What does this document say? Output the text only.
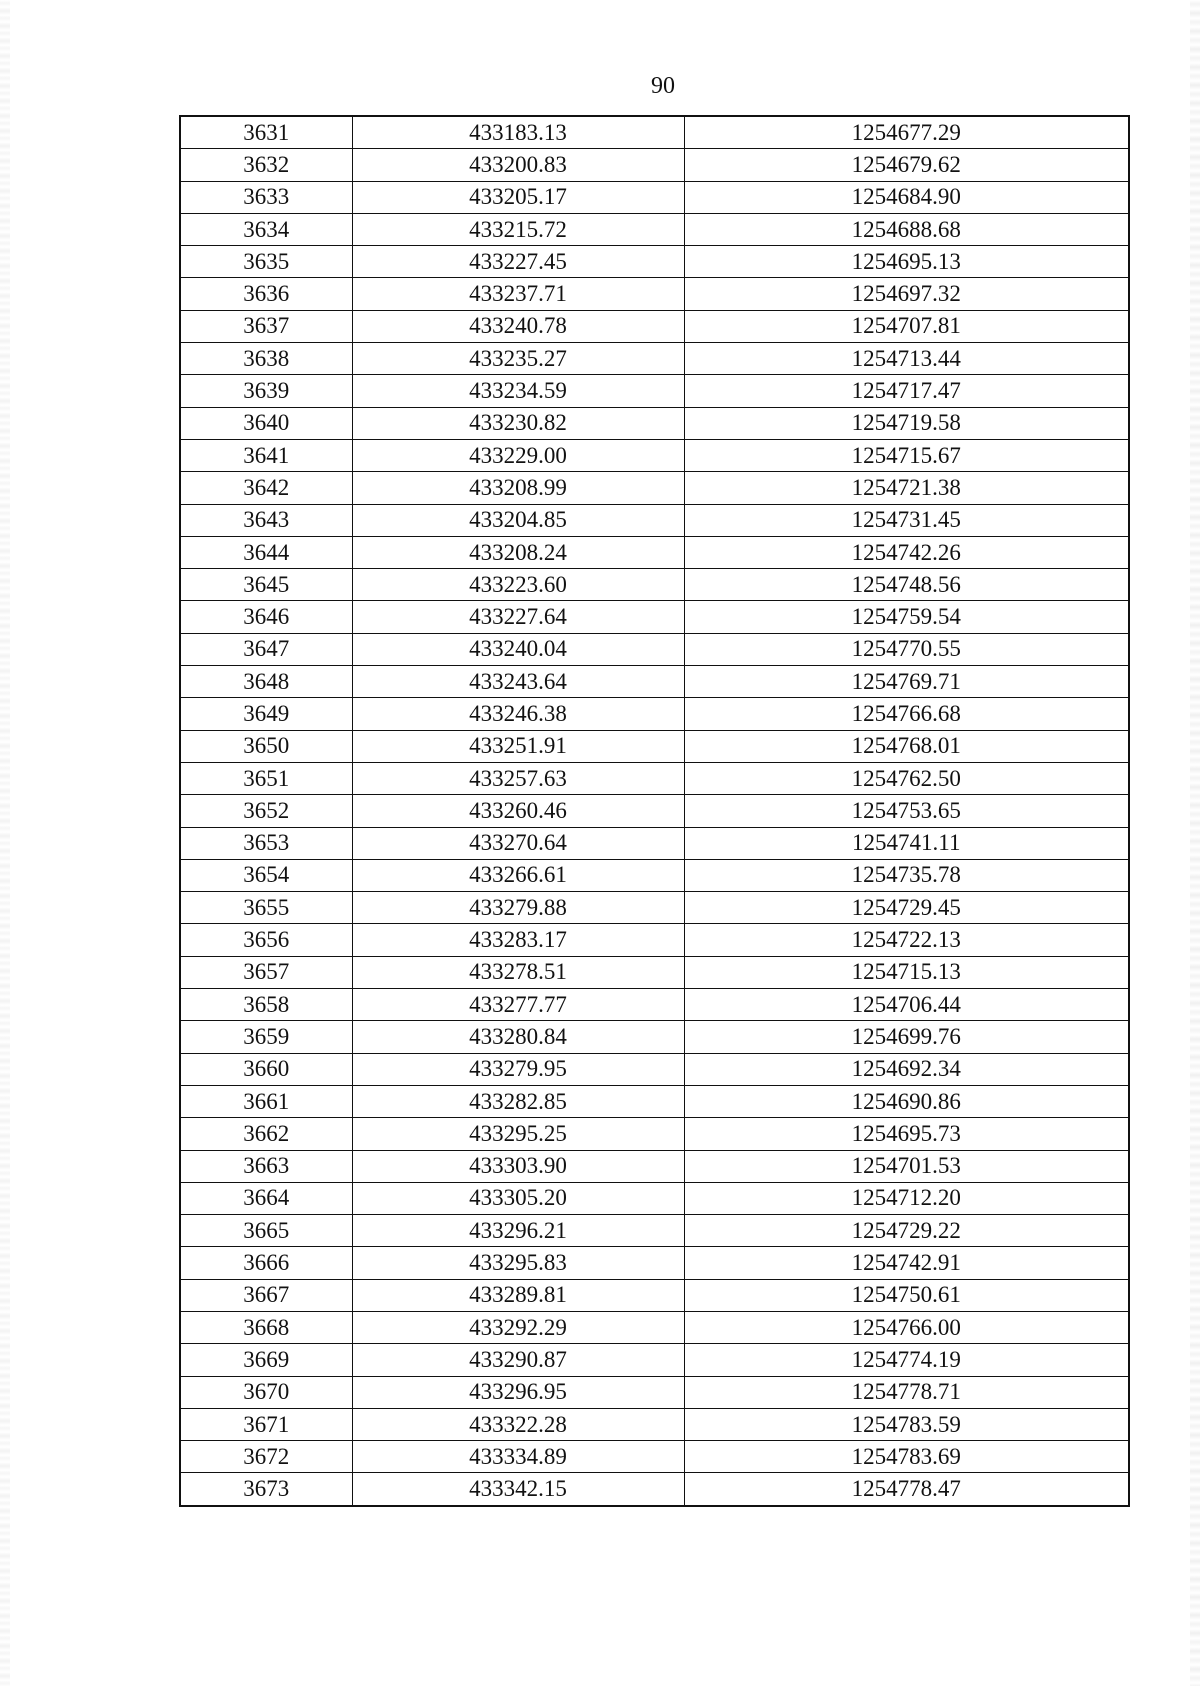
90
3631	433183.13	1254677.29
3632	433200.83	1254679.62
3633	433205.17	1254684.90
3634	433215.72	1254688.68
3635	433227.45	1254695.13
3636	433237.71	1254697.32
3637	433240.78	1254707.81
3638	433235.27	1254713.44
3639	433234.59	1254717.47
3640	433230.82	1254719.58
3641	433229.00	1254715.67
3642	433208.99	1254721.38
3643	433204.85	1254731.45
3644	433208.24	1254742.26
3645	433223.60	1254748.56
3646	433227.64	1254759.54
3647	433240.04	1254770.55
3648	433243.64	1254769.71
3649	433246.38	1254766.68
3650	433251.91	1254768.01
3651	433257.63	1254762.50
3652	433260.46	1254753.65
3653	433270.64	1254741.11
3654	433266.61	1254735.78
3655	433279.88	1254729.45
3656	433283.17	1254722.13
3657	433278.51	1254715.13
3658	433277.77	1254706.44
3659	433280.84	1254699.76
3660	433279.95	1254692.34
3661	433282.85	1254690.86
3662	433295.25	1254695.73
3663	433303.90	1254701.53
3664	433305.20	1254712.20
3665	433296.21	1254729.22
3666	433295.83	1254742.91
3667	433289.81	1254750.61
3668	433292.29	1254766.00
3669	433290.87	1254774.19
3670	433296.95	1254778.71
3671	433322.28	1254783.59
3672	433334.89	1254783.69
3673	433342.15	1254778.47
